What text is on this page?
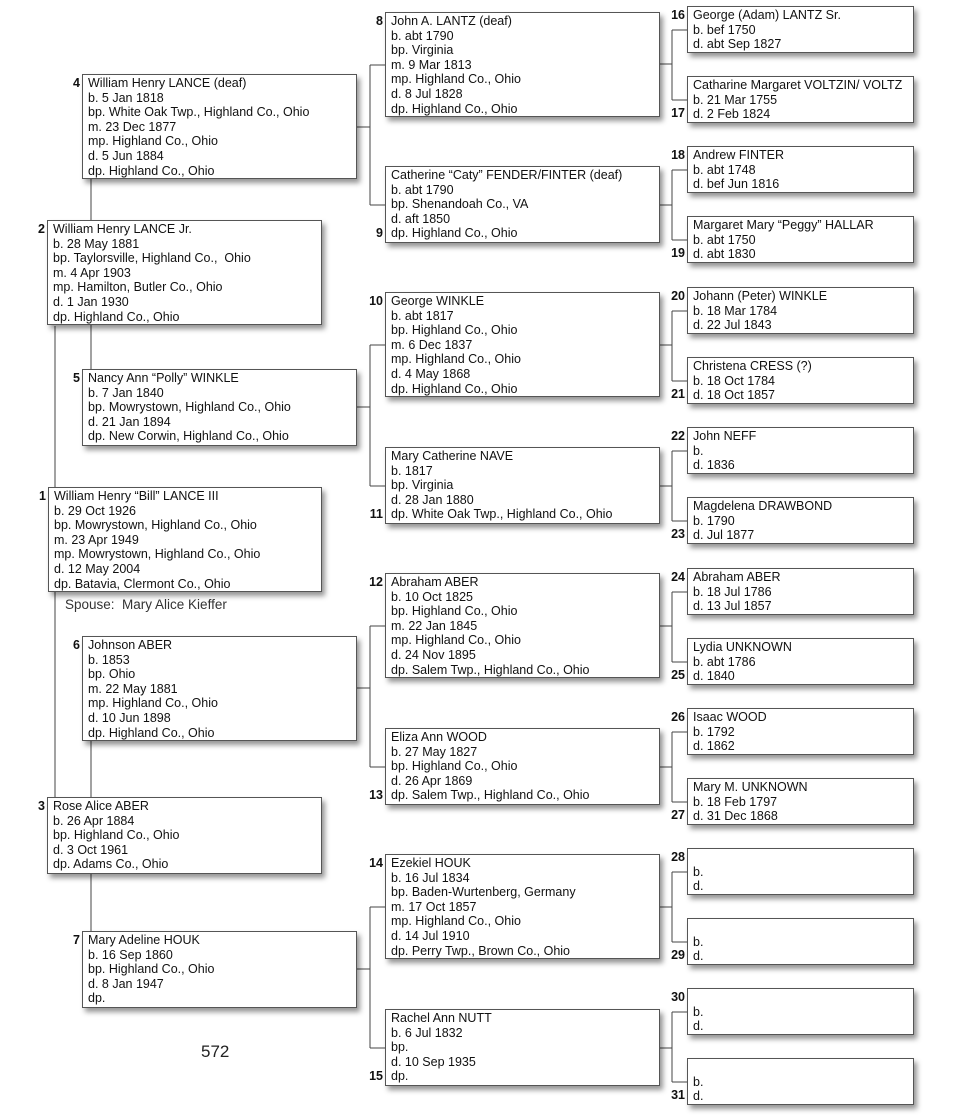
1 William Henry “Bill” LANCE III
b. 29 Oct 1926
bp. Mowrystown, Highland Co., Ohio
m. 23 Apr 1949
mp. Mowrystown, Highland Co., Ohio
d. 12 May 2004
dp. Batavia, Clermont Co., Ohio
Spouse:  Mary Alice Kieffer
2 William Henry LANCE Jr.
b. 28 May 1881
bp. Taylorsville, Highland Co.,  Ohio
m. 4 Apr 1903
mp. Hamilton, Butler Co., Ohio
d. 1 Jan 1930
dp. Highland Co., Ohio
3 Rose Alice ABER
b. 26 Apr 1884
bp. Highland Co., Ohio
d. 3 Oct 1961
dp. Adams Co., Ohio
4 William Henry LANCE (deaf)
b. 5 Jan 1818
bp. White Oak Twp., Highland Co., Ohio
m. 23 Dec 1877
mp. Highland Co., Ohio
d. 5 Jun 1884
dp. Highland Co., Ohio
5 Nancy Ann “Polly” WINKLE
b. 7 Jan 1840
bp. Mowrystown, Highland Co., Ohio
d. 21 Jan 1894
dp. New Corwin, Highland Co., Ohio
6 Johnson ABER
b. 1853
bp. Ohio
m. 22 May 1881
mp. Highland Co., Ohio
d. 10 Jun 1898
dp. Highland Co., Ohio
7 Mary Adeline HOUK
b. 16 Sep 1860
bp. Highland Co., Ohio
d. 8 Jan 1947
dp.
8 John A. LANTZ (deaf)
b. abt 1790
bp. Virginia
m. 9 Mar 1813
mp. Highland Co., Ohio
d. 8 Jul 1828
dp. Highland Co., Ohio
9
Catherine “Caty” FENDER/FINTER (deaf)
b. abt 1790
bp. Shenandoah Co., VA
d. aft 1850
dp. Highland Co., Ohio
10 George WINKLE
b. abt 1817
bp. Highland Co., Ohio
m. 6 Dec 1837
mp. Highland Co., Ohio
d. 4 May 1868
dp. Highland Co., Ohio
11
Mary Catherine NAVE
b. 1817
bp. Virginia
d. 28 Jan 1880
dp. White Oak Twp., Highland Co., Ohio
12 Abraham ABER
b. 10 Oct 1825
bp. Highland Co., Ohio
m. 22 Jan 1845
mp. Highland Co., Ohio
d. 24 Nov 1895
dp. Salem Twp., Highland Co., Ohio
13
Eliza Ann WOOD
b. 27 May 1827
bp. Highland Co., Ohio
d. 26 Apr 1869
dp. Salem Twp., Highland Co., Ohio
14 Ezekiel HOUK
b. 16 Jul 1834
bp. Baden-Wurtenberg, Germany
m. 17 Oct 1857
mp. Highland Co., Ohio
d. 14 Jul 1910
dp. Perry Twp., Brown Co., Ohio
15
Rachel Ann NUTT
b. 6 Jul 1832
bp.
d. 10 Sep 1935
dp.
16 George (Adam) LANTZ Sr.
b. bef 1750
d. abt Sep 1827
17
Catharine Margaret VOLTZIN/ VOLTZ
b. 21 Mar 1755
d. 2 Feb 1824
18 Andrew FINTER
b. abt 1748
d. bef Jun 1816
19
Margaret Mary “Peggy” HALLAR
b. abt 1750
d. abt 1830
20 Johann (Peter) WINKLE
b. 18 Mar 1784
d. 22 Jul 1843
21
Christena CRESS (?)
b. 18 Oct 1784
d. 18 Oct 1857
22 John NEFF
b.
d. 1836
23
Magdelena DRAWBOND
b. 1790
d. Jul 1877
24 Abraham ABER
b. 18 Jul 1786
d. 13 Jul 1857
25
Lydia UNKNOWN
b. abt 1786
d. 1840
26 Isaac WOOD
b. 1792
d. 1862
27
Mary M. UNKNOWN
b. 18 Feb 1797
d. 31 Dec 1868
28
b.
d.
29
b.
d.
30
b.
d.
31
b.
d.
572
